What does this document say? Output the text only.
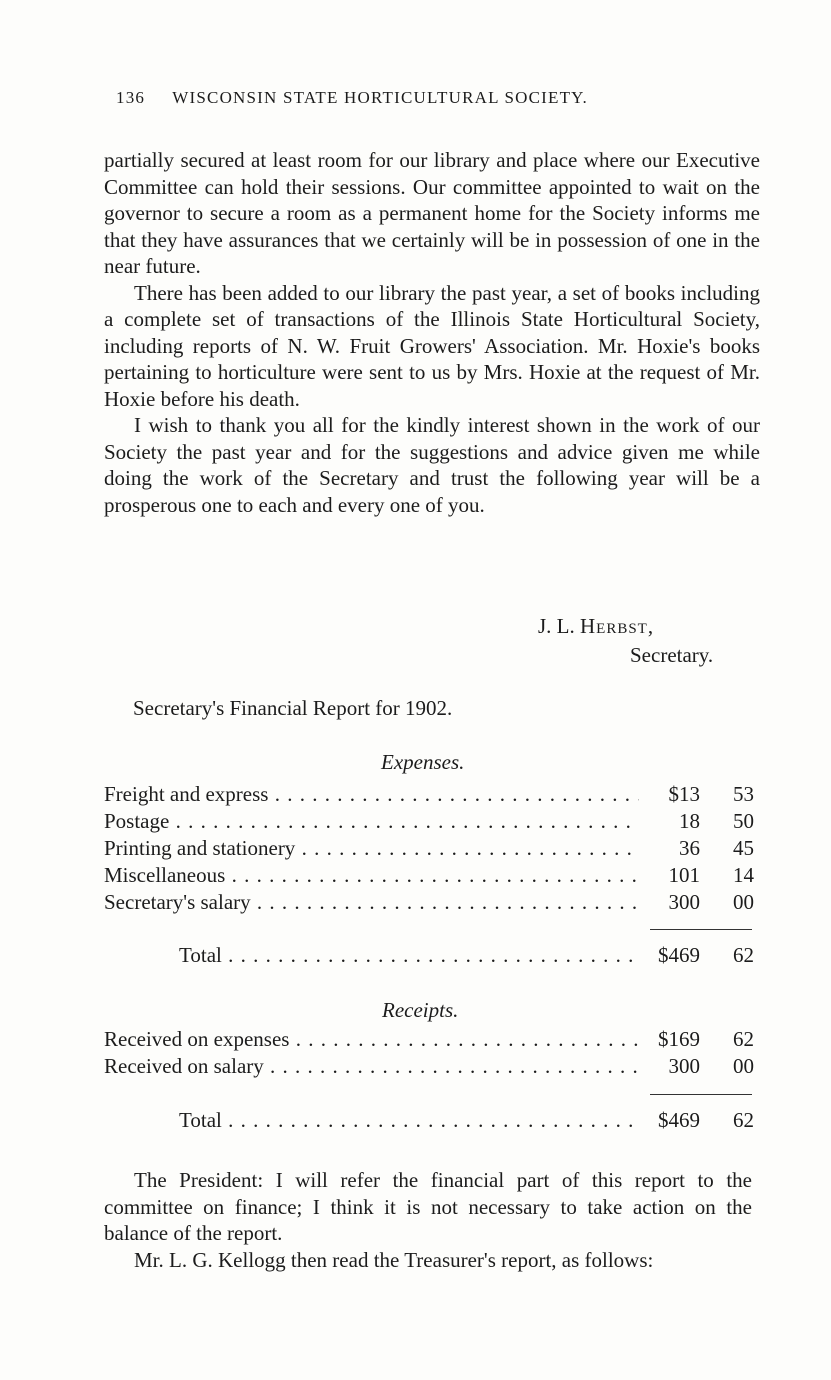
136 WISCONSIN STATE HORTICULTURAL SOCIETY.

partially secured at least room for our library and place where our Executive Committee can hold their sessions. Our committee appointed to wait on the governor to secure a room as a permanent home for the Society informs me that they have assurances that we certainly will be in possession of one in the near future.

There has been added to our library the past year, a set of books including a complete set of transactions of the Illinois State Horticultural Society, including reports of N. W. Fruit Growers' Association. Mr. Hoxie's books pertaining to horticulture were sent to us by Mrs. Hoxie at the request of Mr. Hoxie before his death.

I wish to thank you all for the kindly interest shown in the work of our Society the past year and for the suggestions and advice given me while doing the work of the Secretary and trust the following year will be a prosperous one to each and every one of you.

J. L. Herbst,
Secretary.
Secretary's Financial Report for 1902.
Expenses.
Freight and express . . .	$13	53
Postage . . .	18	50
Printing and stationery . . .	36	45
Miscellaneous . . .	101	14
Secretary's salary . . .	300	00
Total . . .	$469	62
Receipts.
Received on expenses . . .	$169	62
Received on salary . . .	300	00
Total . . .	$469	62

The President: I will refer the financial part of this report to the committee on finance; I think it is not necessary to take action on the balance of the report.

Mr. L. G. Kellogg then read the Treasurer's report, as follows:
